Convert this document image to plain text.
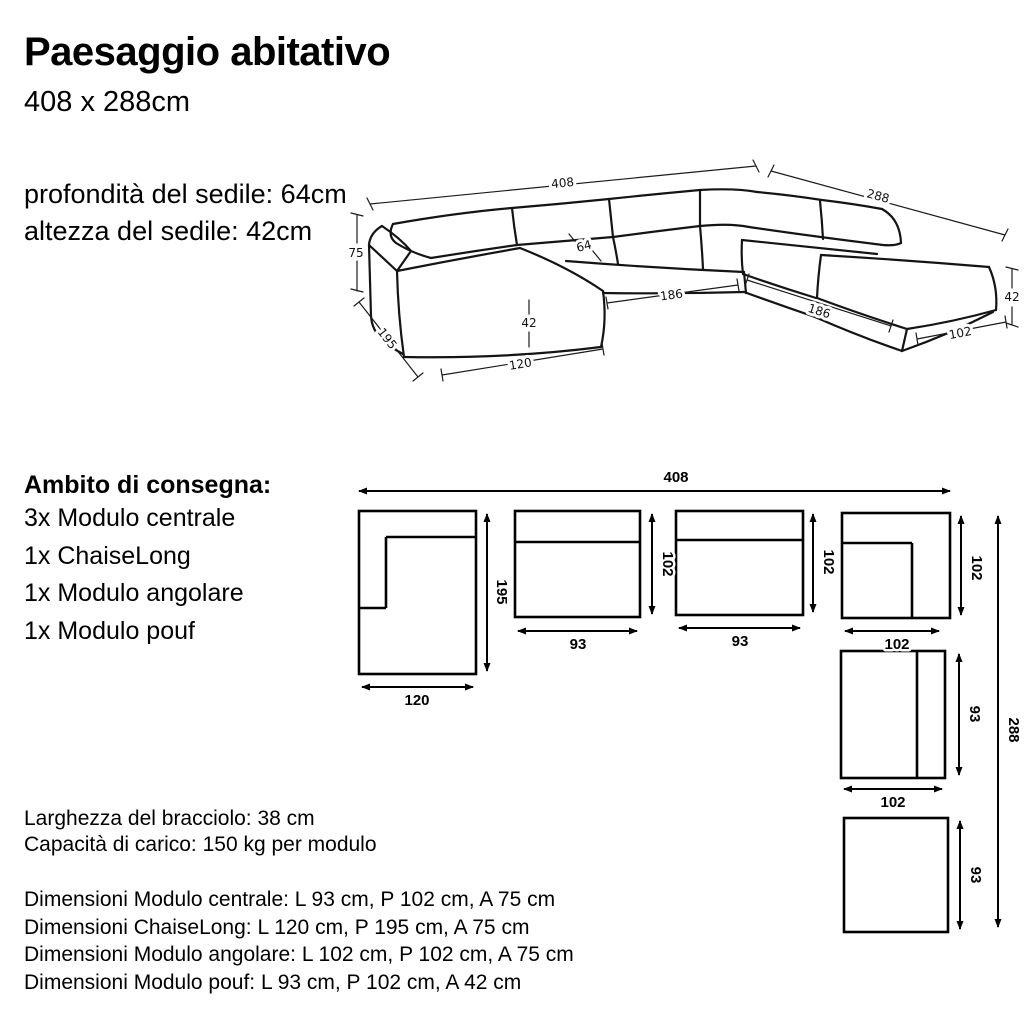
Paesaggio abitativo
408 x 288cm
profondità del sedile: 64cm
altezza del sedile: 42cm
Ambito di consegna:
3x Modulo centrale
1x ChaiseLong
1x Modulo angolare
1x Modulo pouf
Larghezza del bracciolo: 38 cm
Capacità di carico: 150 kg per modulo
Dimensioni Modulo centrale: L 93 cm, P 102 cm, A 75 cm
Dimensioni ChaiseLong: L 120 cm, P 195 cm, A 75 cm
Dimensioni Modulo angolare: L 102 cm, P 102 cm, A 75 cm
Dimensioni Modulo pouf: L 93 cm, P 102 cm, A 42 cm
408
288
75
195
120
42
64
186
186
42
102
408
195
120
102
93
102
93
102
102
93
102
93
288
